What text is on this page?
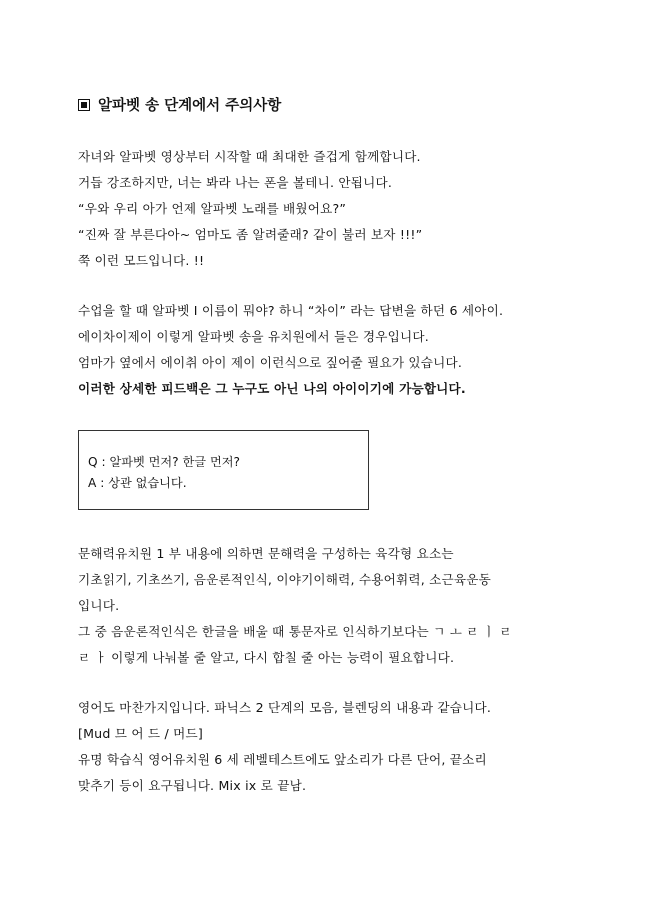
알파벳 송 단계에서 주의사항
자녀와 알파벳 영상부터 시작할 때 최대한 즐겁게 함께합니다.
거듭 강조하지만, 너는 봐라 나는 폰을 볼테니. 안됩니다.
“우와 우리 아가 언제 알파벳 노래를 배웠어요?”
“진짜 잘 부른다아~ 엄마도 좀 알려줄래? 같이 불러 보자 !!!”
쭉 이런 모드입니다. !!
수업을 할 때 알파벳 I 이름이 뭐야? 하니 “차이” 라는 답변을 하던 6 세아이.
에이차이제이 이렇게 알파벳 송을 유치원에서 들은 경우입니다.
엄마가 옆에서 에이취 아이 제이 이런식으로 짚어줄 필요가 있습니다.
이러한 상세한 피드백은 그 누구도 아닌 나의 아이이기에 가능합니다.
Q : 알파벳 먼저? 한글 먼저?
A : 상관 없습니다.
문해력유치원 1 부 내용에 의하면 문해력을 구성하는 육각형 요소는
기초읽기, 기초쓰기, 음운론적인식, 이야기이해력, 수용어휘력, 소근육운동
입니다.
그 중 음운론적인식은 한글을 배울 때 통문자로 인식하기보다는 ㄱ ㅗ ㄹ ㅣ ㄹ
ㄹ ㅏ 이렇게 나눠볼 줄 알고, 다시 합칠 줄 아는 능력이 필요합니다.
영어도 마찬가지입니다. 파닉스 2 단계의 모음, 블렌딩의 내용과 같습니다.
[Mud 므 어 드 / 머드]
유명 학습식 영어유치원 6 세 레벨테스트에도 앞소리가 다른 단어, 끝소리
맞추기 등이 요구됩니다. Mix ix 로 끝남.
